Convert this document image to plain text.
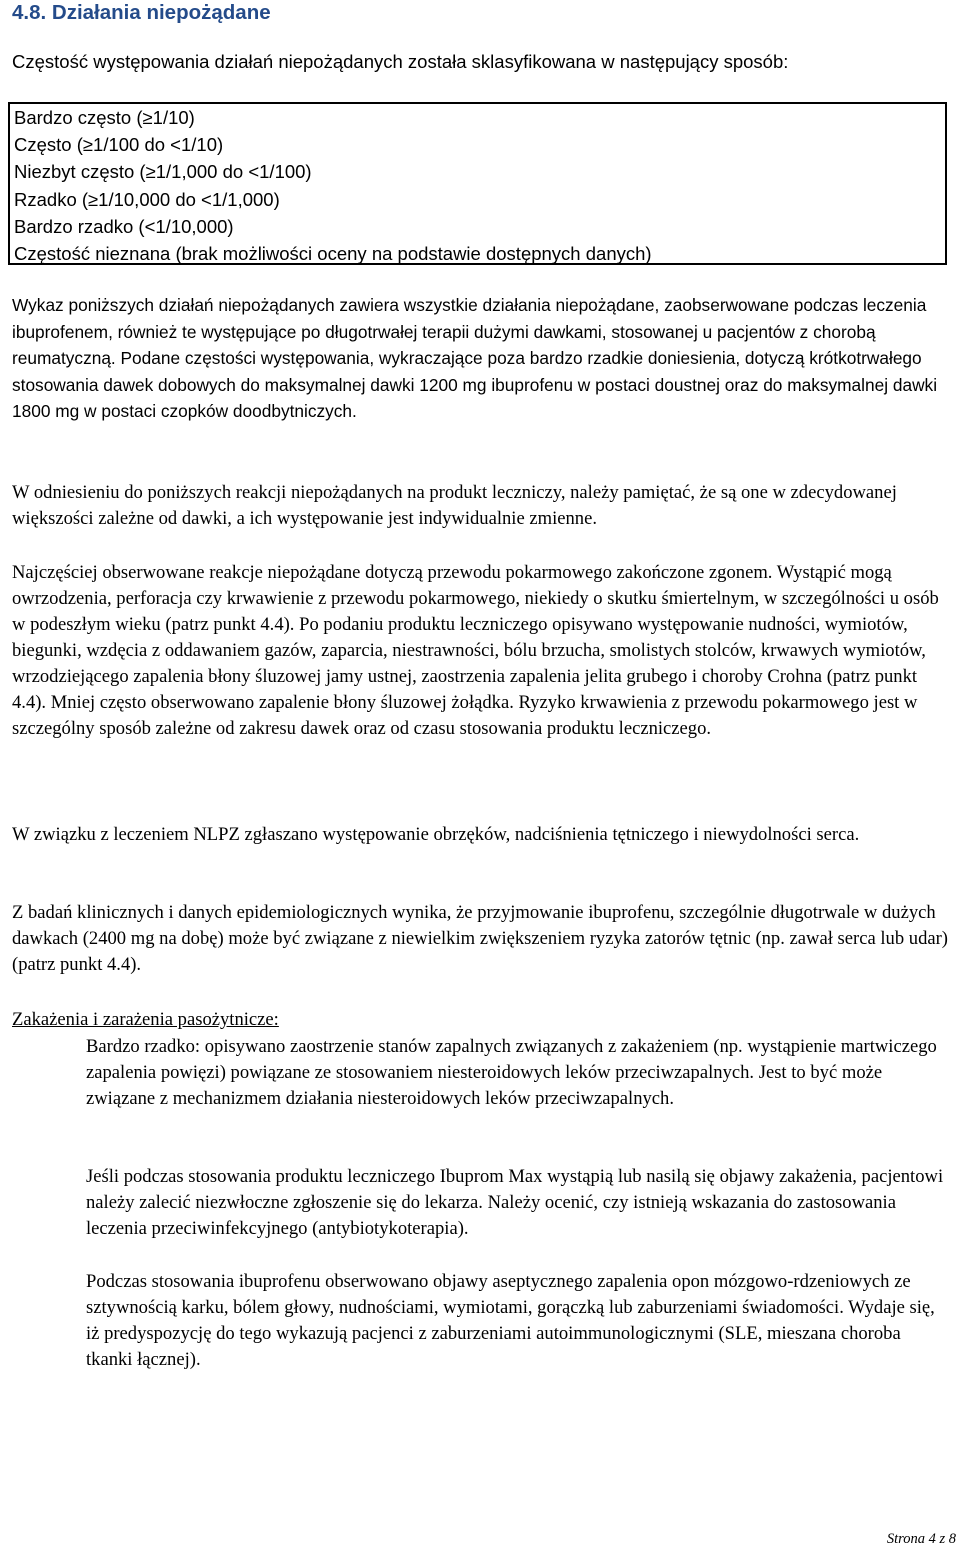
4.8. Działania niepożądane

Częstość występowania działań niepożądanych została sklasyfikowana w następujący sposób:

Bardzo często (≥1/10)
Często (≥1/100 do <1/10)
Niezbyt często (≥1/1,000 do <1/100)
Rzadko (≥1/10,000 do <1/1,000)
Bardzo rzadko (<1/10,000)
Częstość nieznana (brak możliwości oceny na podstawie dostępnych danych)

Wykaz poniższych działań niepożądanych zawiera wszystkie działania niepożądane, zaobserwowane podczas leczenia ibuprofenem, również te występujące po długotrwałej terapii dużymi dawkami, stosowanej u pacjentów z chorobą reumatyczną. Podane częstości występowania, wykraczające poza bardzo rzadkie doniesienia, dotyczą krótkotrwałego stosowania dawek dobowych do maksymalnej dawki 1200 mg ibuprofenu w postaci doustnej oraz do maksymalnej dawki 1800 mg w postaci czopków doodbytniczych.

W odniesieniu do poniższych reakcji niepożądanych na produkt leczniczy, należy pamiętać, że są one w zdecydowanej większości zależne od dawki, a ich występowanie jest indywidualnie zmienne.

Najczęściej obserwowane reakcje niepożądane dotyczą przewodu pokarmowego zakończone zgonem. Wystąpić mogą owrzodzenia, perforacja czy krwawienie z przewodu pokarmowego, niekiedy o skutku śmiertelnym, w szczególności u osób w podeszłym wieku (patrz punkt 4.4). Po podaniu produktu leczniczego opisywano występowanie nudności, wymiotów, biegunki, wzdęcia z oddawaniem gazów, zaparcia, niestrawności, bólu brzucha, smolistych stolców, krwawych wymiotów, wrzodziejącego zapalenia błony śluzowej jamy ustnej, zaostrzenia zapalenia jelita grubego i choroby Crohna (patrz punkt 4.4). Mniej często obserwowano zapalenie błony śluzowej żołądka. Ryzyko krwawienia z przewodu pokarmowego jest w szczególny sposób zależne od zakresu dawek oraz od czasu stosowania produktu leczniczego.

W związku z leczeniem NLPZ zgłaszano występowanie obrzęków, nadciśnienia tętniczego i niewydolności serca.

Z badań klinicznych i danych epidemiologicznych wynika, że przyjmowanie ibuprofenu, szczególnie długotrwale w dużych dawkach (2400 mg na dobę) może być związane z niewielkim zwiększeniem ryzyka zatorów tętnic (np. zawał serca lub udar) (patrz punkt 4.4).

Zakażenia i zarażenia pasożytnicze:

Bardzo rzadko: opisywano zaostrzenie stanów zapalnych związanych z zakażeniem (np. wystąpienie martwiczego zapalenia powięzi) powiązane ze stosowaniem niesteroidowych leków przeciwzapalnych. Jest to być może związane z mechanizmem działania niesteroidowych leków przeciwzapalnych.

Jeśli podczas stosowania produktu leczniczego Ibuprom Max wystąpią lub nasilą się objawy zakażenia, pacjentowi należy zalecić niezwłoczne zgłoszenie się do lekarza. Należy ocenić, czy istnieją wskazania do zastosowania leczenia przeciwinfekcyjnego (antybiotykoterapia).

Podczas stosowania ibuprofenu obserwowano objawy aseptycznego zapalenia opon mózgowo-rdzeniowych ze sztywnością karku, bólem głowy, nudnościami, wymiotami, gorączką lub zaburzeniami świadomości. Wydaje się, iż predyspozycję do tego wykazują pacjenci z zaburzeniami autoimmunologicznymi (SLE, mieszana choroba tkanki łącznej).

Strona 4 z 8
